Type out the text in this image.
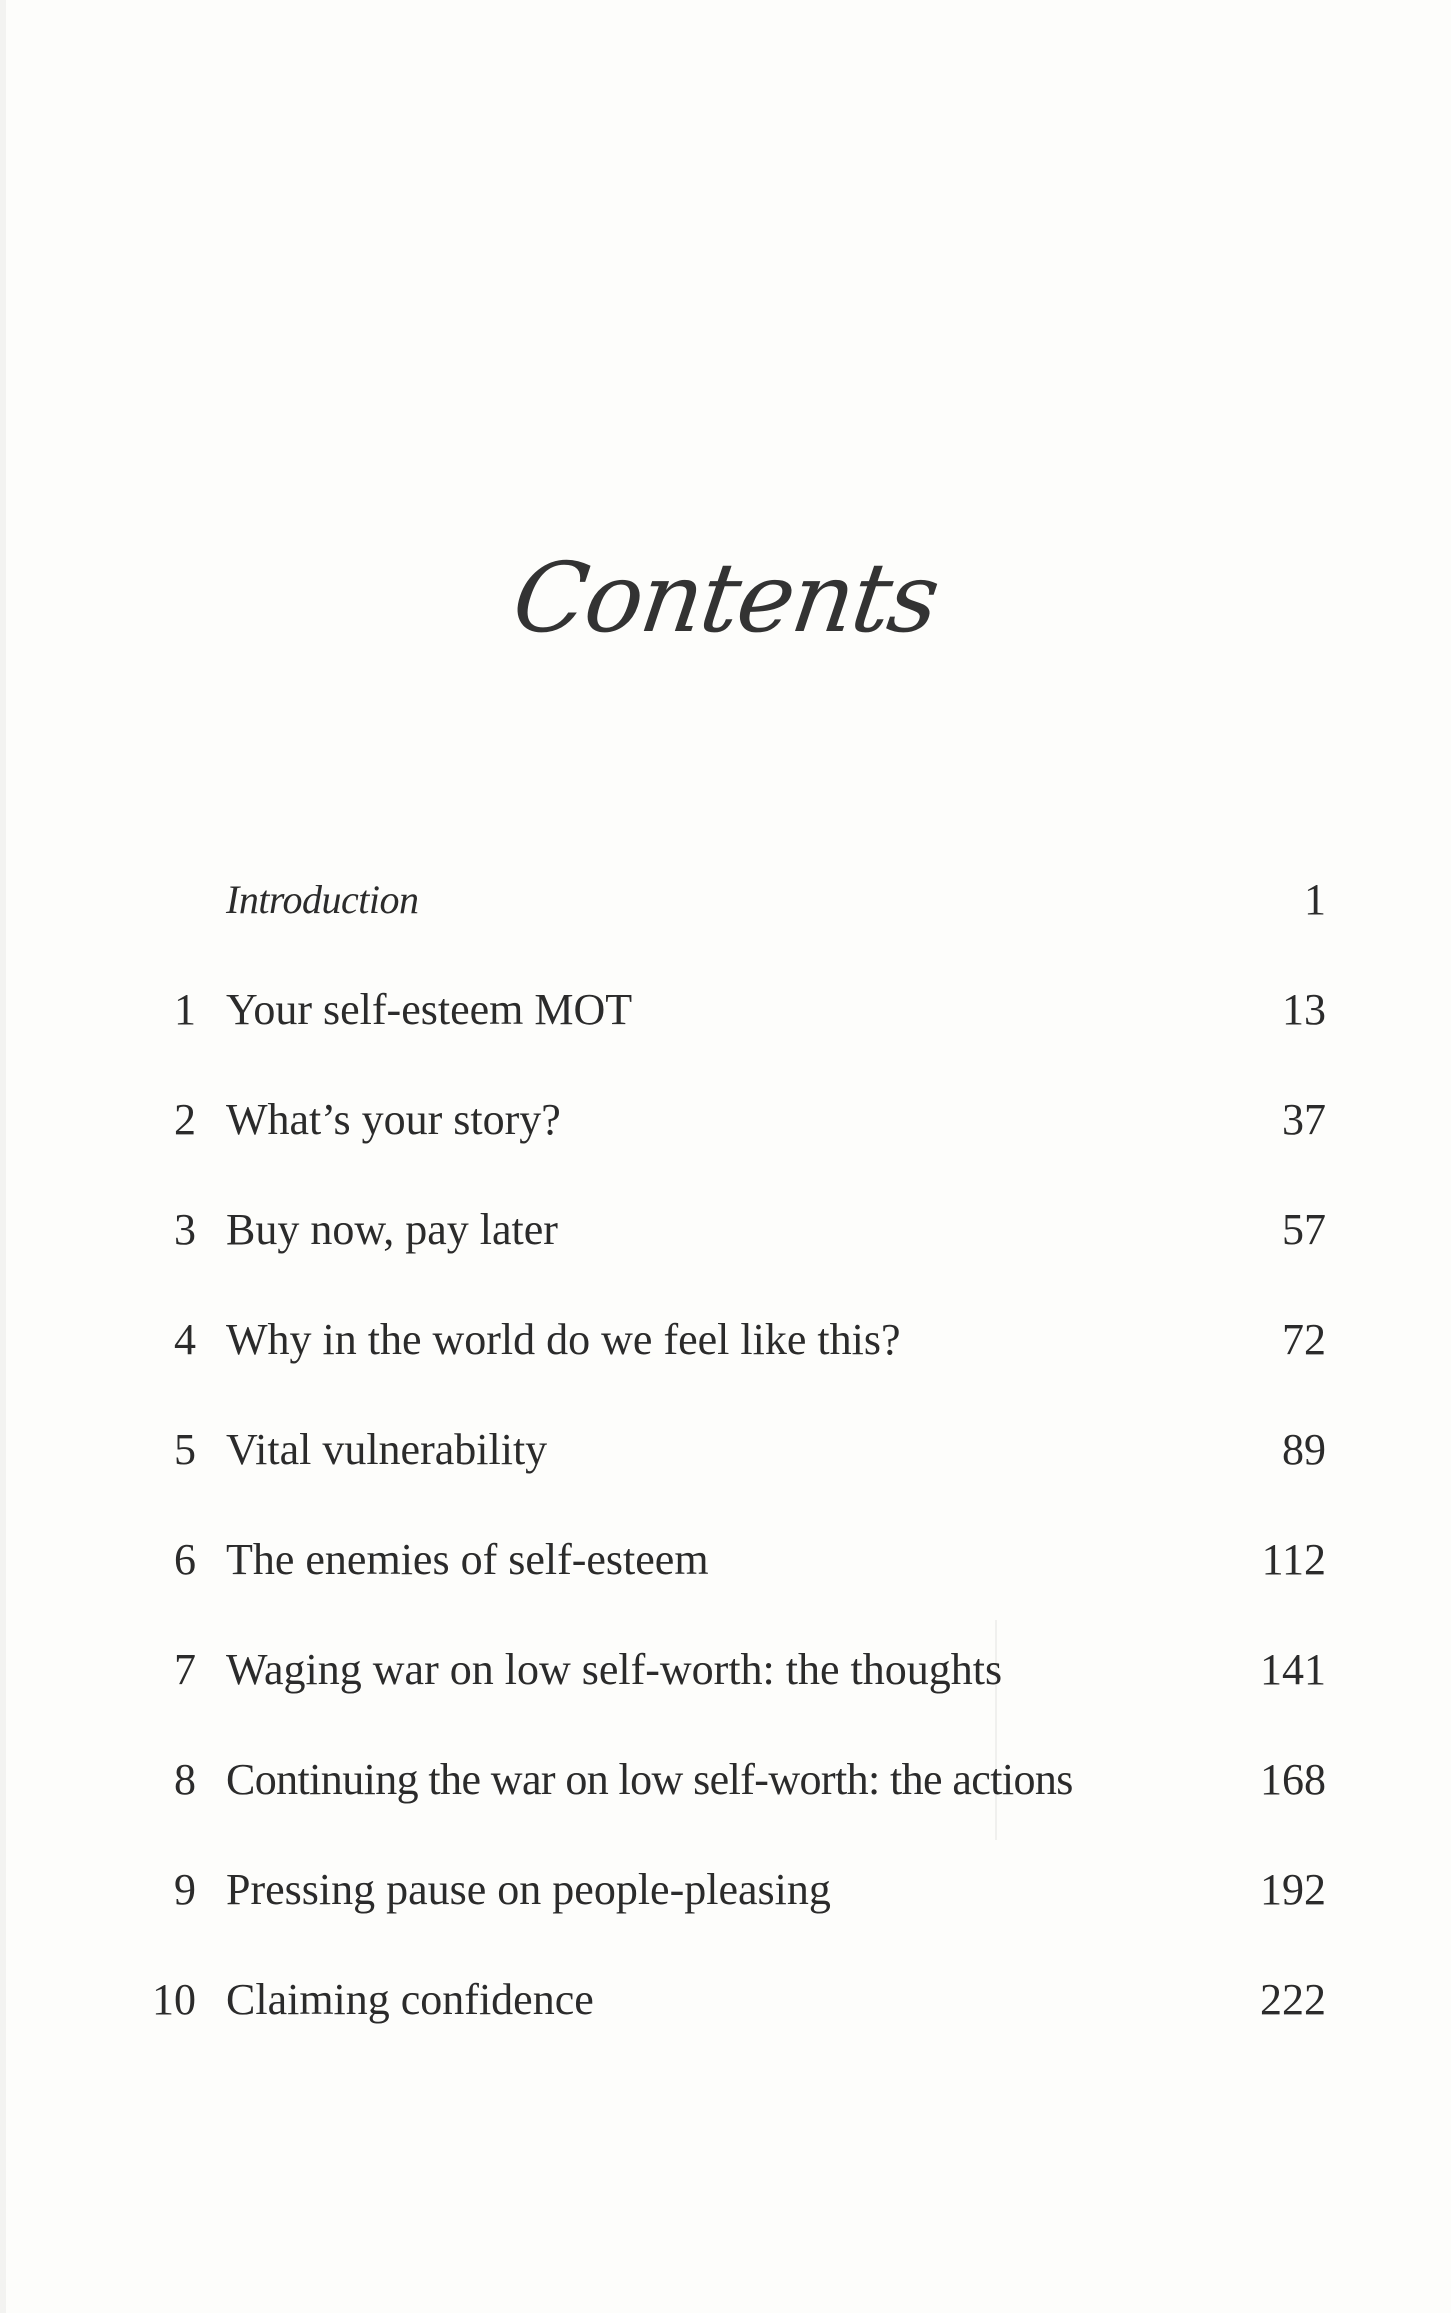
Contents
Introduction	1
1 Your self-esteem MOT	13
2 What’s your story?	37
3 Buy now, pay later	57
4 Why in the world do we feel like this?	72
5 Vital vulnerability	89
6 The enemies of self-esteem	112
7 Waging war on low self-worth: the thoughts	141
8 Continuing the war on low self-worth: the actions	168
9 Pressing pause on people-pleasing	192
10 Claiming confidence	222
